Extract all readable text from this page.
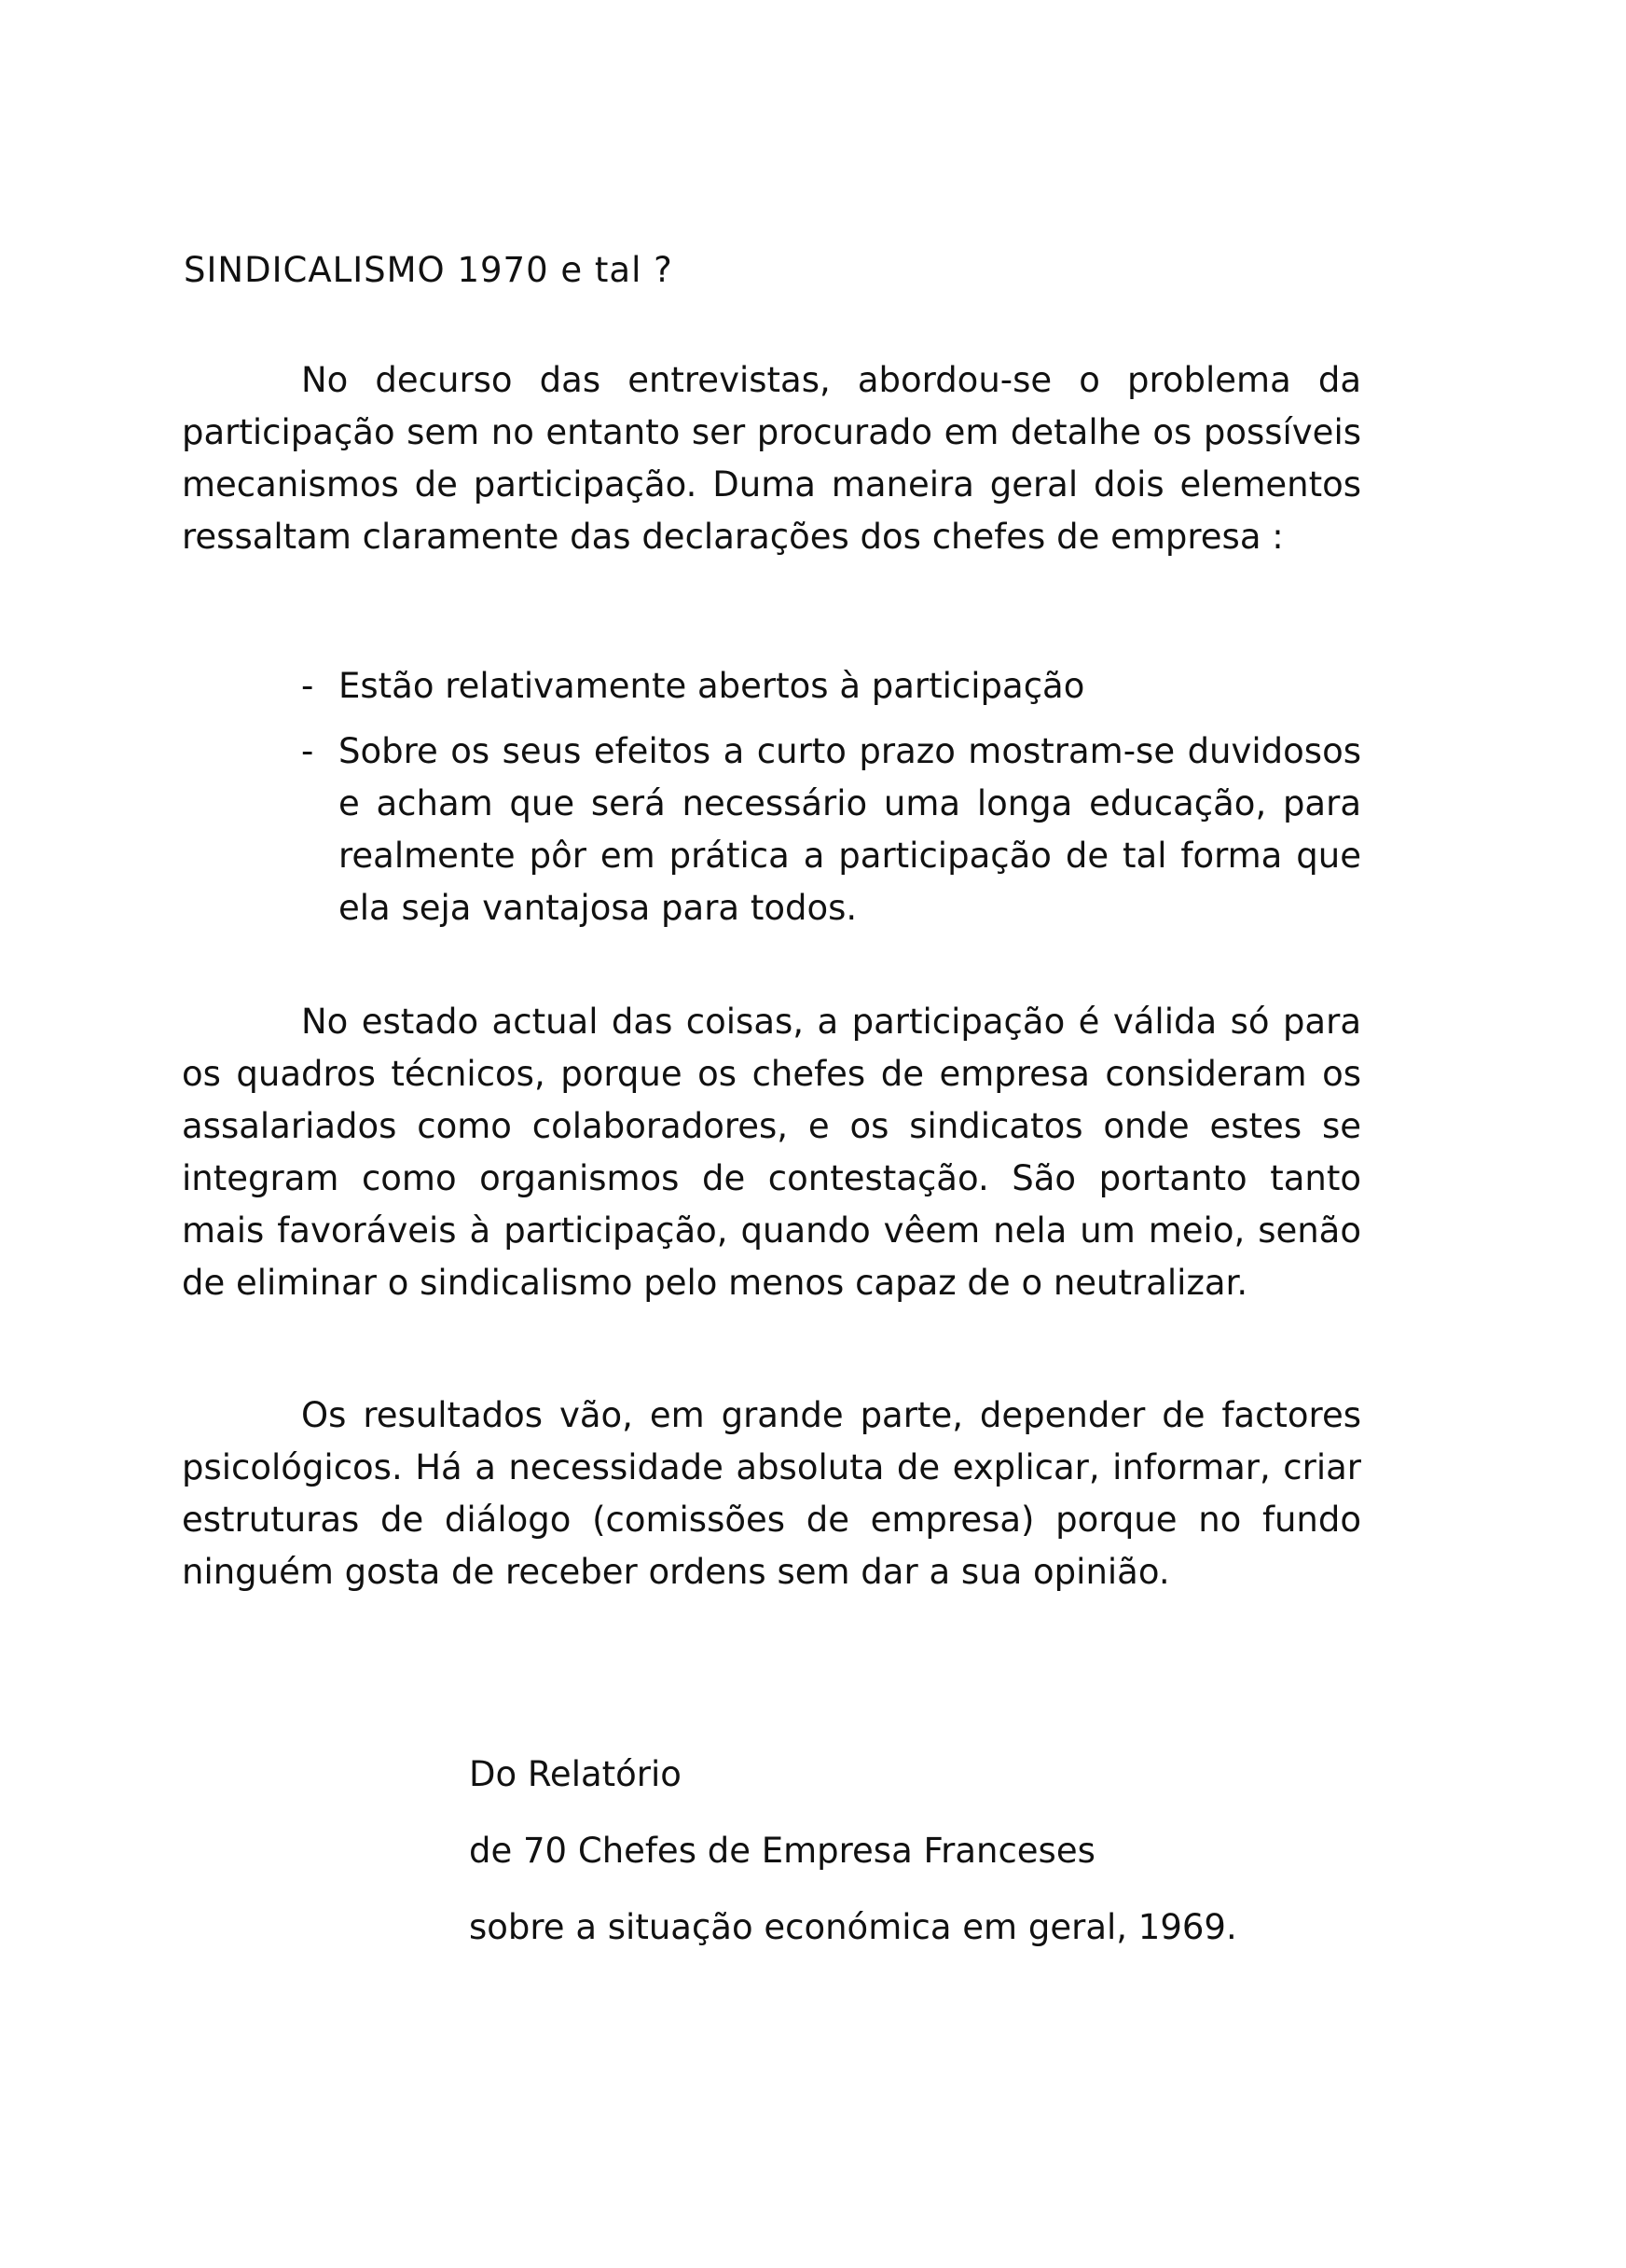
SINDICALISMO 1970 e tal ?

No decurso das entrevistas, abordou-se o problema da participação sem no entanto ser procurado em detalhe os possíveis mecanismos de participação. Duma maneira geral dois elementos ressaltam claramente das declarações dos chefes de empresa :

- Estão relativamente abertos à participação
- Sobre os seus efeitos a curto prazo mostram-se duvidosos e acham que será necessário uma longa educação, para realmente pôr em prática a participação de tal forma que ela seja vantajosa para todos.

No estado actual das coisas, a participação é válida só para os quadros técnicos, porque os chefes de empresa consideram os assalariados como colaboradores, e os sindicatos onde estes se integram como organismos de contestação. São portanto tanto mais favoráveis à participação, quando vêem nela um meio, senão de eliminar o sindicalismo pelo menos capaz de o neutralizar.

Os resultados vão, em grande parte, depender de factores psicológicos. Há a necessidade absoluta de explicar, informar, criar estruturas de diálogo (comissões de empresa) porque no fundo ninguém gosta de receber ordens sem dar a sua opinião.

Do Relatório
de 70 Chefes de Empresa Franceses
sobre a situação económica em geral, 1969.
